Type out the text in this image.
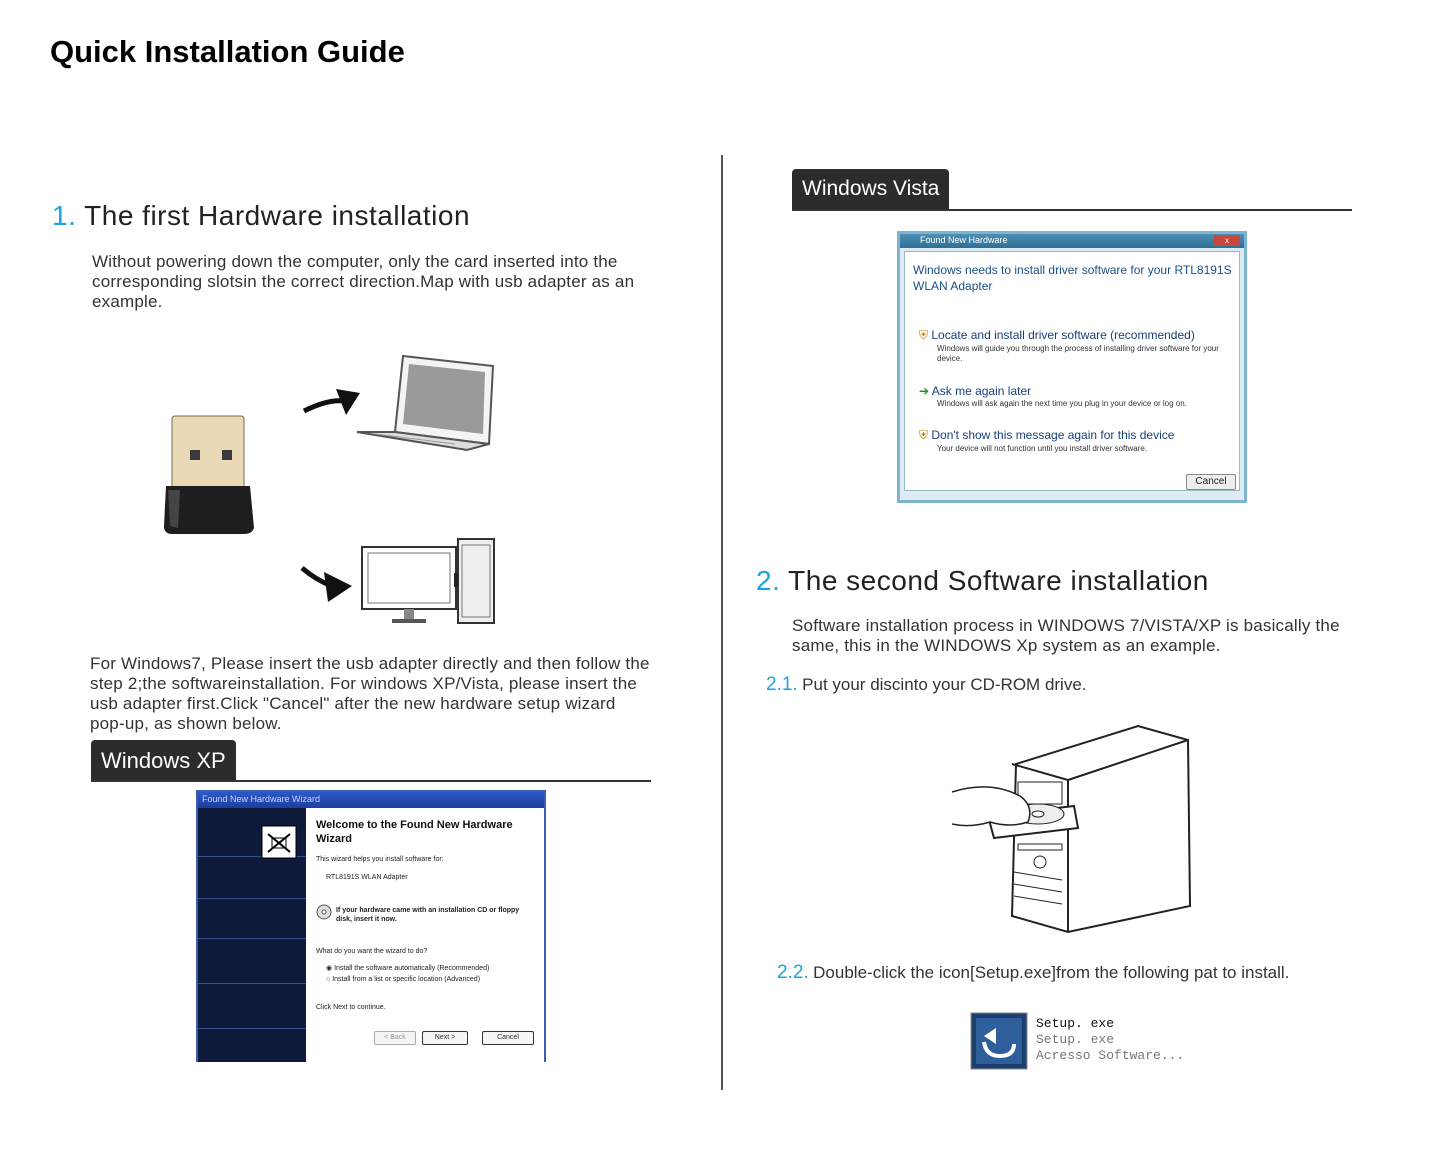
Quick Installation Guide
1. The first Hardware installation
Without powering down the computer, only the card inserted into the corresponding slotsin the correct direction.Map with usb adapter as an example.
For Windows7, Please insert the usb adapter directly and then follow the step 2;the softwareinstallation. For windows XP/Vista, please insert the usb adapter first.Click "Cancel" after the new hardware setup wizard pop-up, as shown below.
Windows XP
Found New Hardware Wizard
Welcome to the Found New Hardware Wizard
This wizard helps you install software for:
RTL8191S WLAN Adapter
If your hardware came with an installation CD or floppy disk, insert it now.
What do you want the wizard to do?
◉ Install the software automatically (Recommended)
○ Install from a list or specific location (Advanced)
Click Next to continue.
< Back	Next >	Cancel
Windows Vista
Found New Hardware	x
Windows needs to install driver software for your RTL8191S WLAN Adapter
⛨ Locate and install driver software (recommended)
Windows will guide you through the process of installing driver software for your device.
➔ Ask me again later
Windows will ask again the next time you plug in your device or log on.
⛨ Don't show this message again for this device
Your device will not function until you install driver software.
Cancel
2. The second Software installation
Software installation process in WINDOWS 7/VISTA/XP is basically the same, this in the WINDOWS Xp system as an example.
2.1. Put your discinto your CD-ROM drive.
2.2. Double-click the icon[Setup.exe]from the following pat to install.
Setup. exe
Setup. exe
Acresso Software...
